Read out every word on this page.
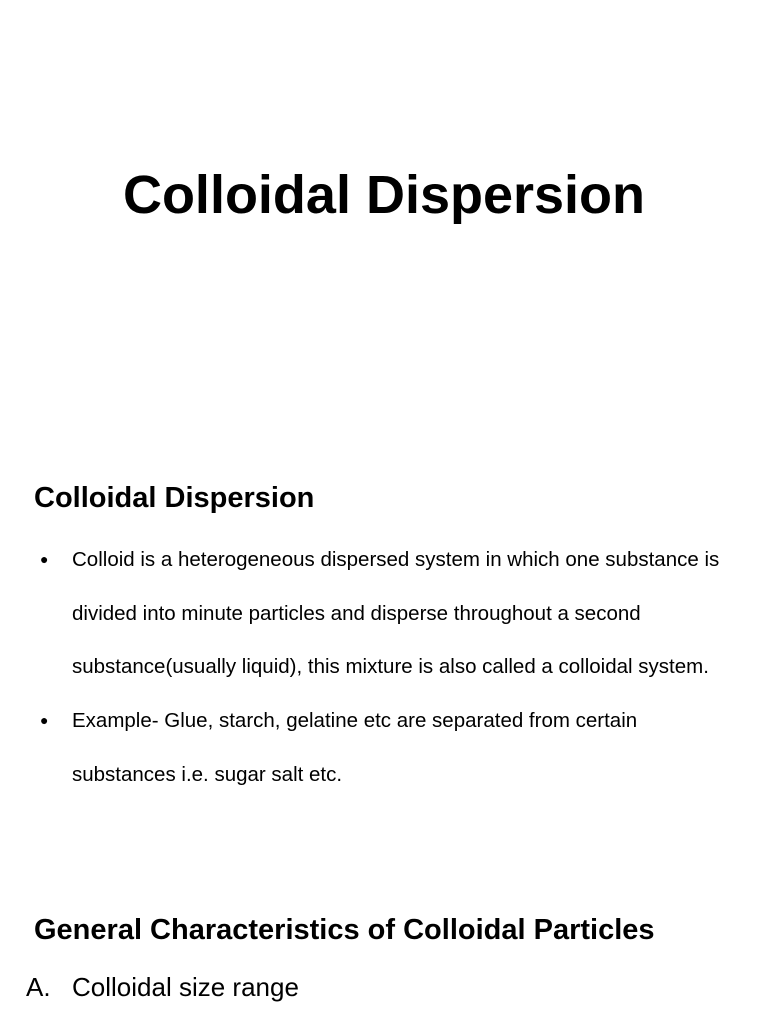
Colloidal Dispersion
Colloidal Dispersion
● Colloid is a heterogeneous dispersed system in which one substance is divided into minute particles and disperse throughout a second substance(usually liquid), this mixture is also called a colloidal system.
● Example- Glue, starch, gelatine etc are separated from certain substances i.e. sugar salt etc.
General Characteristics of Colloidal Particles

A. Colloidal size range
